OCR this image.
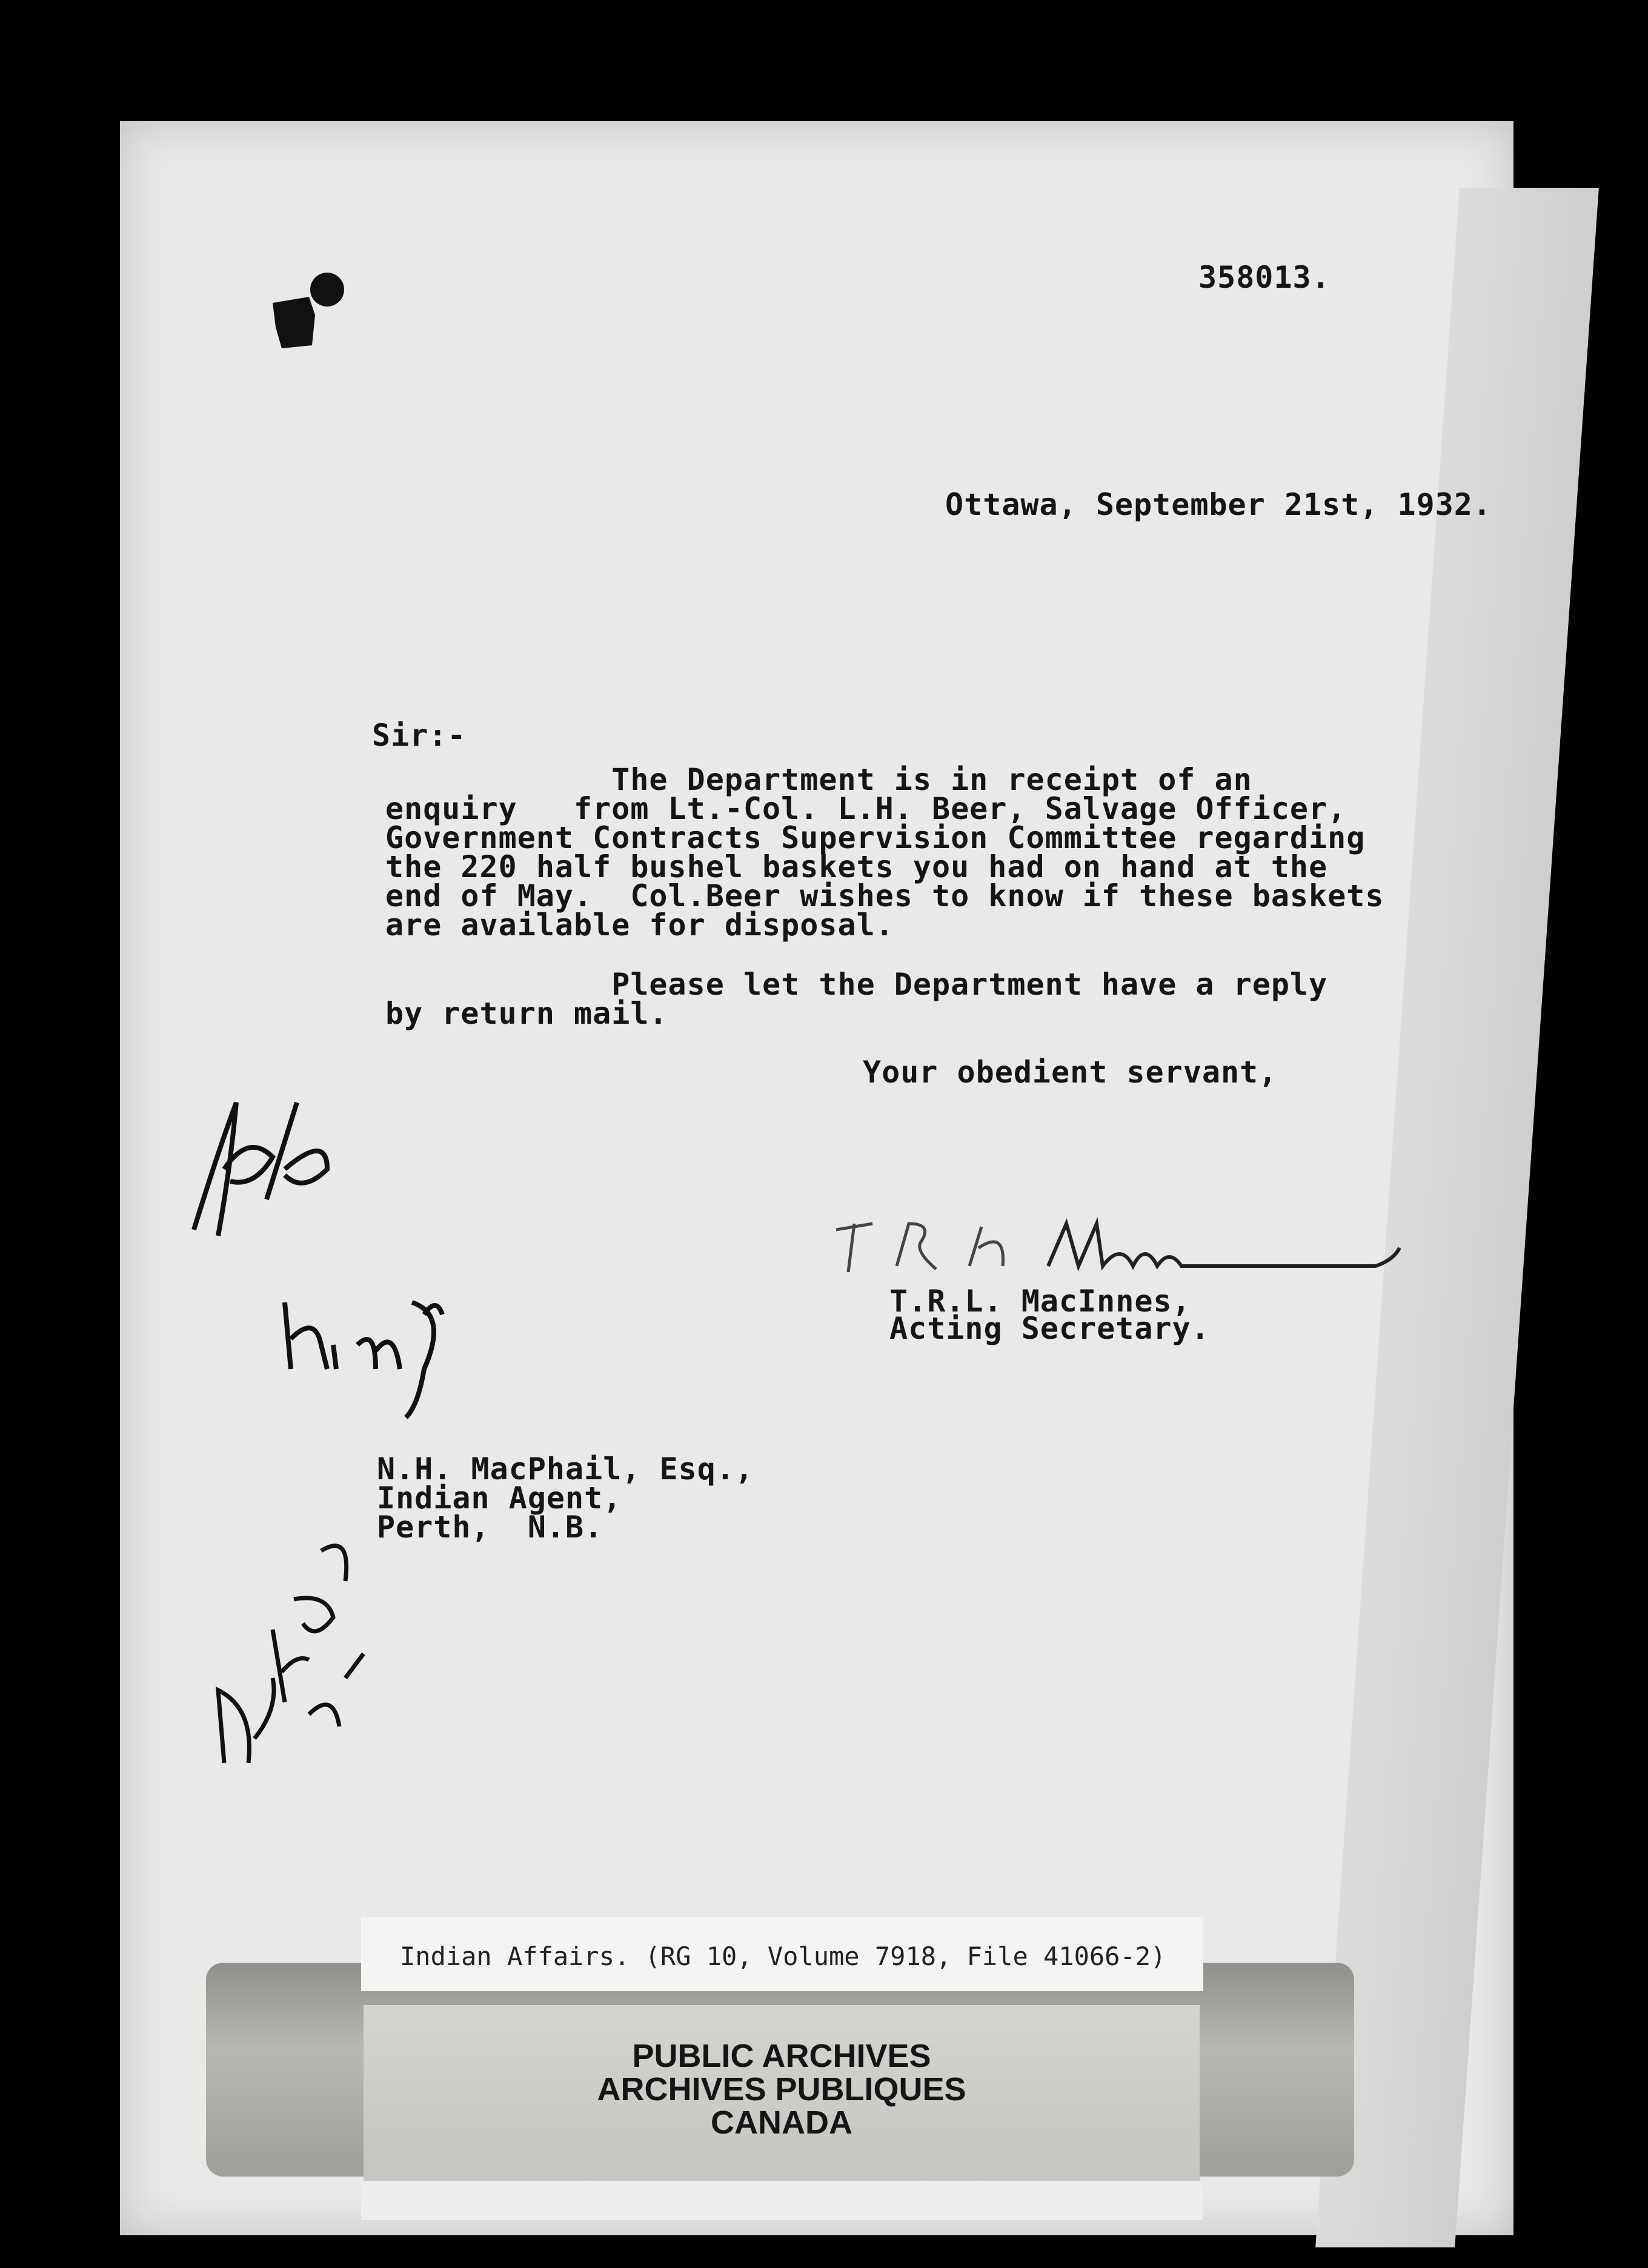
358013.
Ottawa, September 21st, 1932.
Sir:-
The Department is in receipt of an
enquiry   from Lt.-Col. L.H. Beer, Salvage Officer,
Government Contracts Supervision Committee regarding
the 220 half bushel baskets you had on hand at the
end of May.  Col.Beer wishes to know if these baskets
are available for disposal.
Please let the Department have a reply
by return mail.
Your obedient servant,
T.R.L. MacInnes,
Acting Secretary.
N.H. MacPhail, Esq.,
Indian Agent,
Perth,  N.B.
Indian Affairs. (RG 10, Volume 7918, File 41066-2)
PUBLIC ARCHIVES
ARCHIVES PUBLIQUES
CANADA
